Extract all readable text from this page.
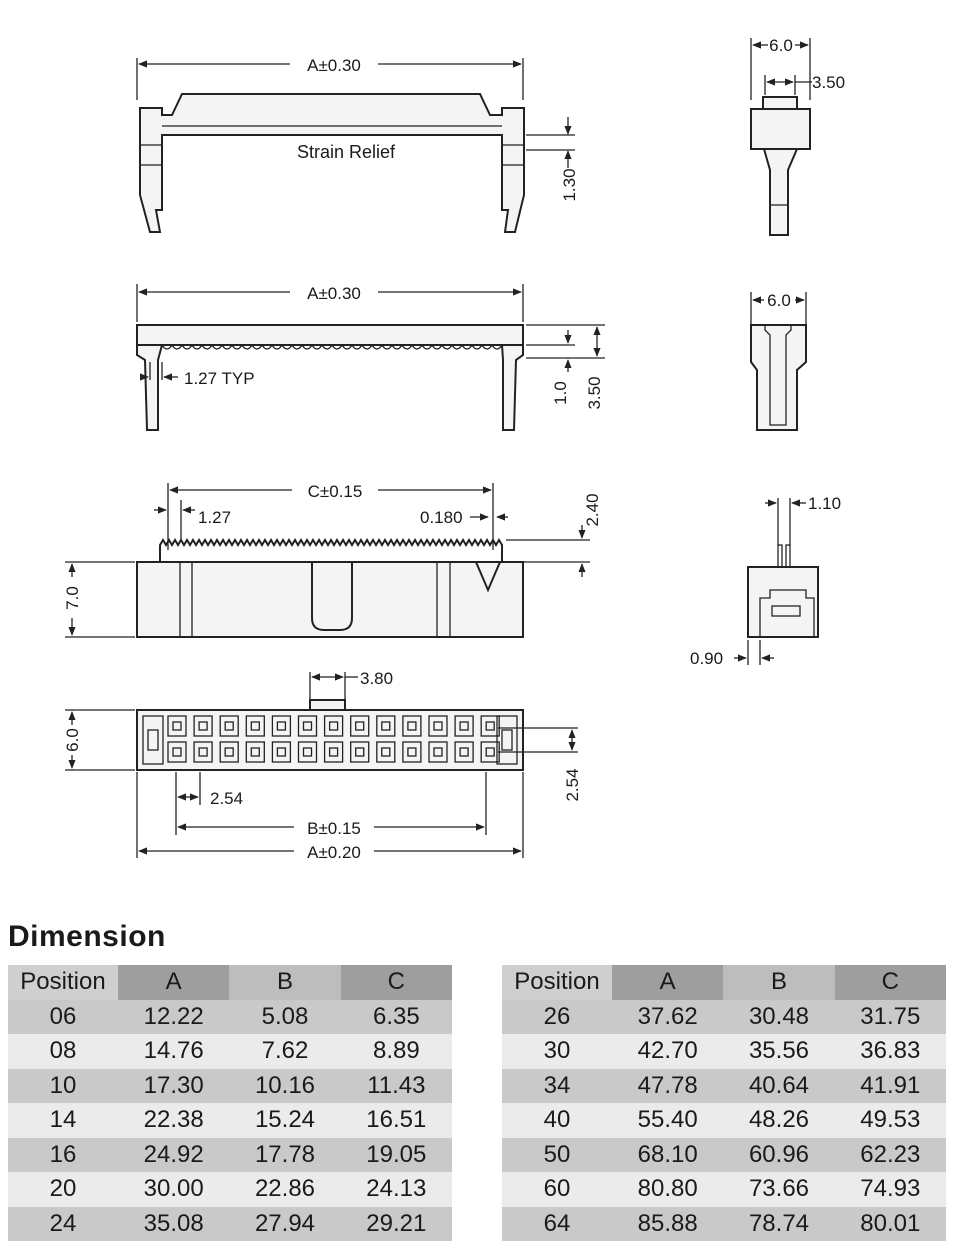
A±0.30
Strain Relief
1.30
6.0
3.50
A±0.30
1.27 TYP
1.0 3.50
6.0
C±0.15
1.27	0.180	2.40
7.0
1.10
0.90
3.80
6.0
2.54
B±0.15
A±0.20
2.54
Dimension
Position	A	B	C
06	12.22	5.08	6.35
08	14.76	7.62	8.89
10	17.30	10.16	11.43
14	22.38	15.24	16.51
16	24.92	17.78	19.05
20	30.00	22.86	24.13
24	35.08	27.94	29.21
Position	A	B	C
26	37.62	30.48	31.75
30	42.70	35.56	36.83
34	47.78	40.64	41.91
40	55.40	48.26	49.53
50	68.10	60.96	62.23
60	80.80	73.66	74.93
64	85.88	78.74	80.01
